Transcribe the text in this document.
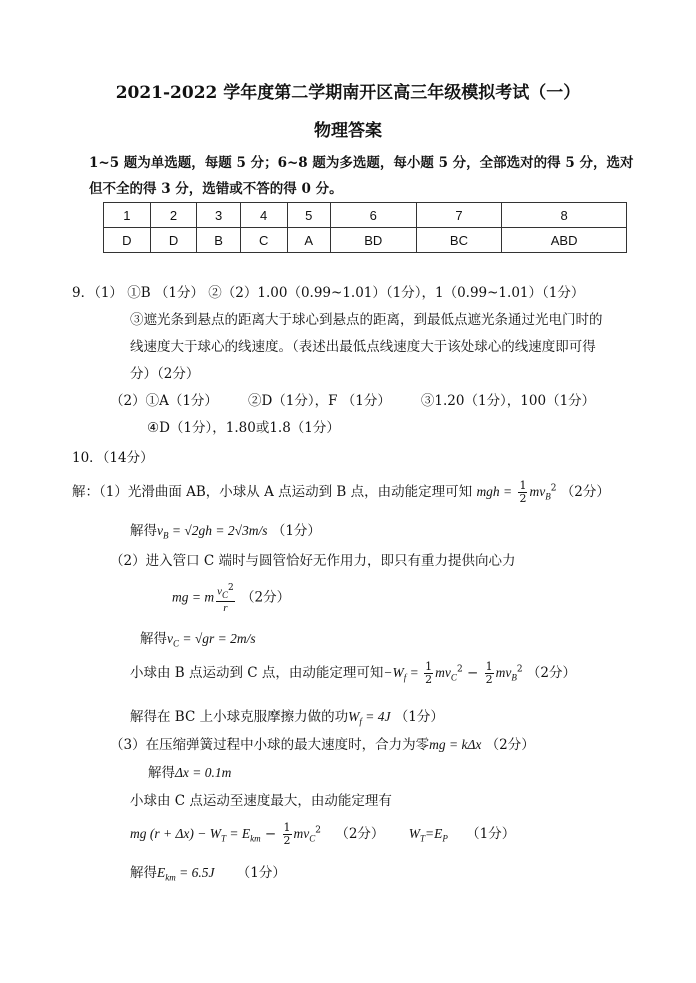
2021-2022 学年度第二学期南开区高三年级模拟考试（一）
物理答案
1~5 题为单选题，每题 5 分；6~8 题为多选题，每小题 5 分，全部选对的得 5 分，选对
但不全的得 3 分，选错或不答的得 0 分。
1	2	3	4	5	6	7	8
D	D	B	C	A	BD	BC	ABD
9．（1） ①B （1分） ②（2）1.00（0.99~1.01）（1分），1（0.99~1.01）（1分）
③遮光条到悬点的距离大于球心到悬点的距离，到最低点遮光条通过光电门时的
线速度大于球心的线速度。（表述出最低点线速度大于该处球心的线速度即可得
分）（2分）
（2）①A（1分）       ②D（1分），F （1分）       ③1.20（1分），100（1分）
④D（1分），1.80或1.8（1分）
10．（14分）
解：（1）光滑曲面 AB，小球从 A 点运动到 B 点，由动能定理可知 mgh = $\frac{1}{2} mv_B^2$ （2分）
解得$v_B = √2gh = 2√3m/s$ （1分）
（2）进入管口 C 端时与圆管恰好无作用力，即只有重力提供向心力
mg = m $\frac{v_C^2}{r} (2$分）
解得$v_C = √gr = 2m/s$
小球由 B 点运动到 C 点，由动能定理可知$-W_f = \frac{1}{2} mv_C^2 - \frac{1}{2} mv_B^2$ （2分）
解得在 BC 上小球克服摩擦力做的功$W_f = 4J$ （1分）
（3）在压缩弹簧过程中小球的最大速度时，合力为零mg = kΔx （2分）
解得Δx = 0.1m
小球由 C 点运动至速度最大，由动能定理有
mg $(r + \Delta x) - W_T = E_{km} - \frac{1}{2} mv_C^2$ （2分） $W_T=E_P$ （1分）
解得$E_{km} = 6.5J$ （1分）
